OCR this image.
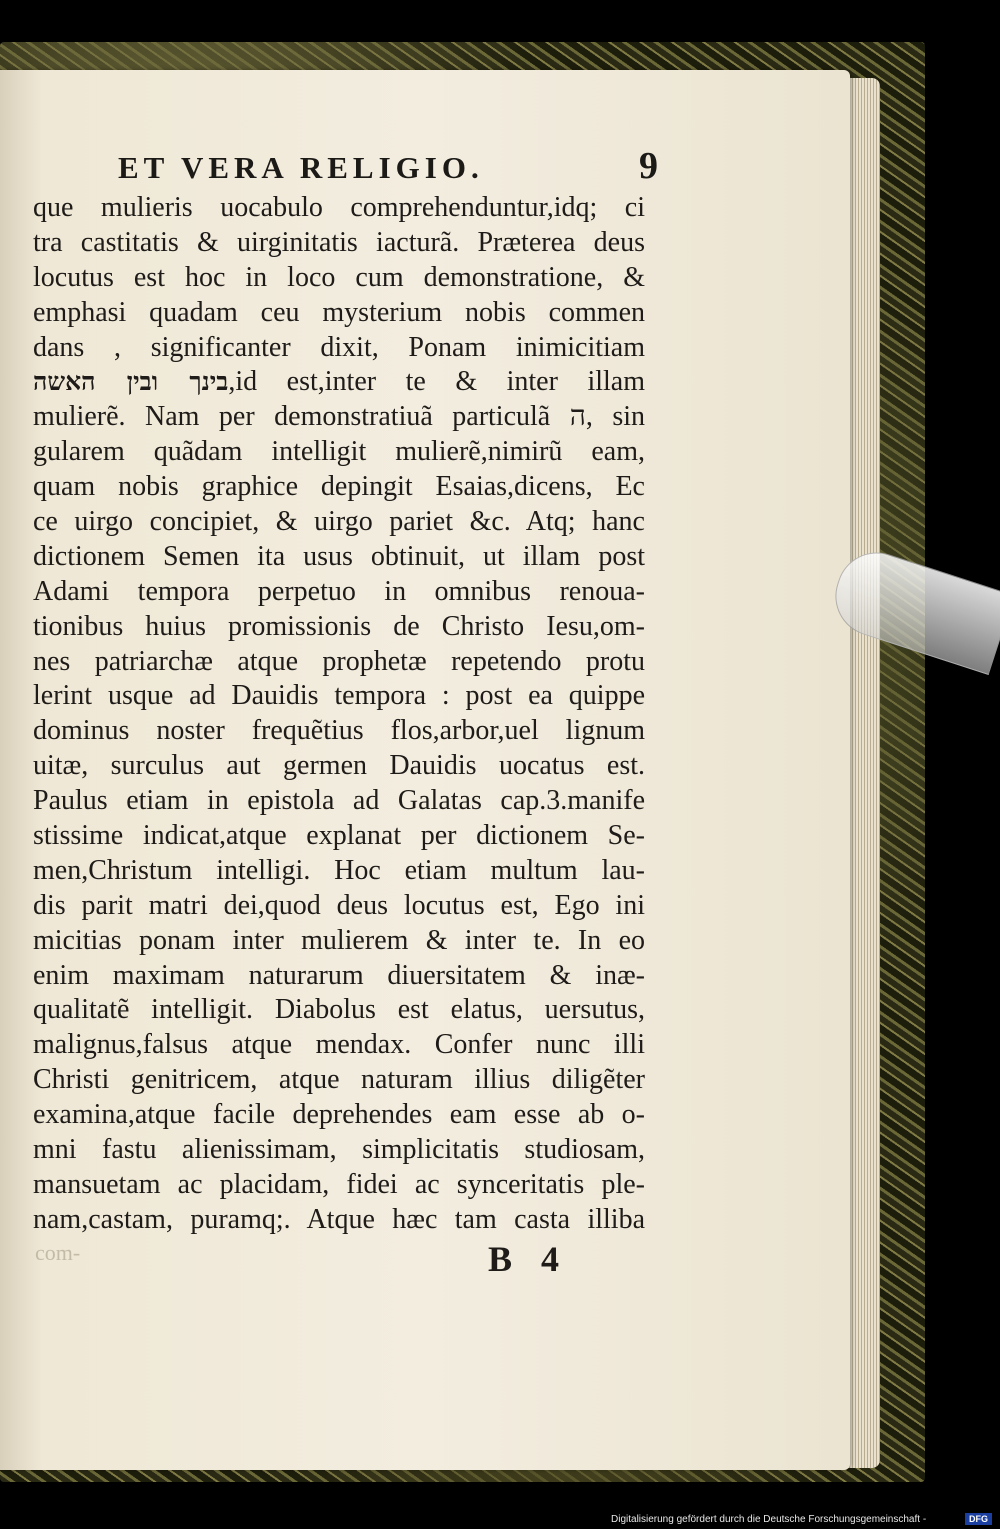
ET VERA RELIGIO.	9
que mulieris uocabulo comprehenduntur,idq; ci
tra castitatis & uirginitatis iacturã. Præterea deus
locutus est hoc in loco cum demonstratione, &
emphasi quadam ceu mysterium nobis commen
dans , significanter dixit, Ponam inimicitiam
בינך ובין האשה,id est,inter te & inter illam
mulierẽ. Nam per demonstratiuã particulã ה, sin
gularem quãdam intelligit mulierẽ,nimirũ eam,
quam nobis graphice depingit Esaias,dicens, Ec
ce uirgo concipiet, & uirgo pariet &c. Atq; hanc
dictionem Semen ita usus obtinuit, ut illam post
Adami tempora perpetuo in omnibus renoua-
tionibus huius promissionis de Christo Iesu,om-
nes patriarchæ atque prophetæ repetendo protu
lerint usque ad Dauidis tempora : post ea quippe
dominus noster frequẽtius flos,arbor,uel lignum
uitæ, surculus aut germen Dauidis uocatus est.
Paulus etiam in epistola ad Galatas cap.3.manife
stissime indicat,atque explanat per dictionem Se-
men,Christum intelligi. Hoc etiam multum lau-
dis parit matri dei,quod deus locutus est, Ego ini
micitias ponam inter mulierem & inter te. In eo
enim maximam naturarum diuersitatem & inæ-
qualitatẽ intelligit. Diabolus est elatus, uersutus,
malignus,falsus atque mendax. Confer nunc illi
Christi genitricem, atque naturam illius diligẽter
examina,atque facile deprehendes eam esse ab o-
mni fastu alienissimam, simplicitatis studiosam,
mansuetam ac placidam, fidei ac synceritatis ple-
nam,castam, puramq;. Atque hæc tam casta illiba
com-	B 4
Digitalisierung gefördert durch die Deutsche Forschungsgemeinschaft -	DFG
